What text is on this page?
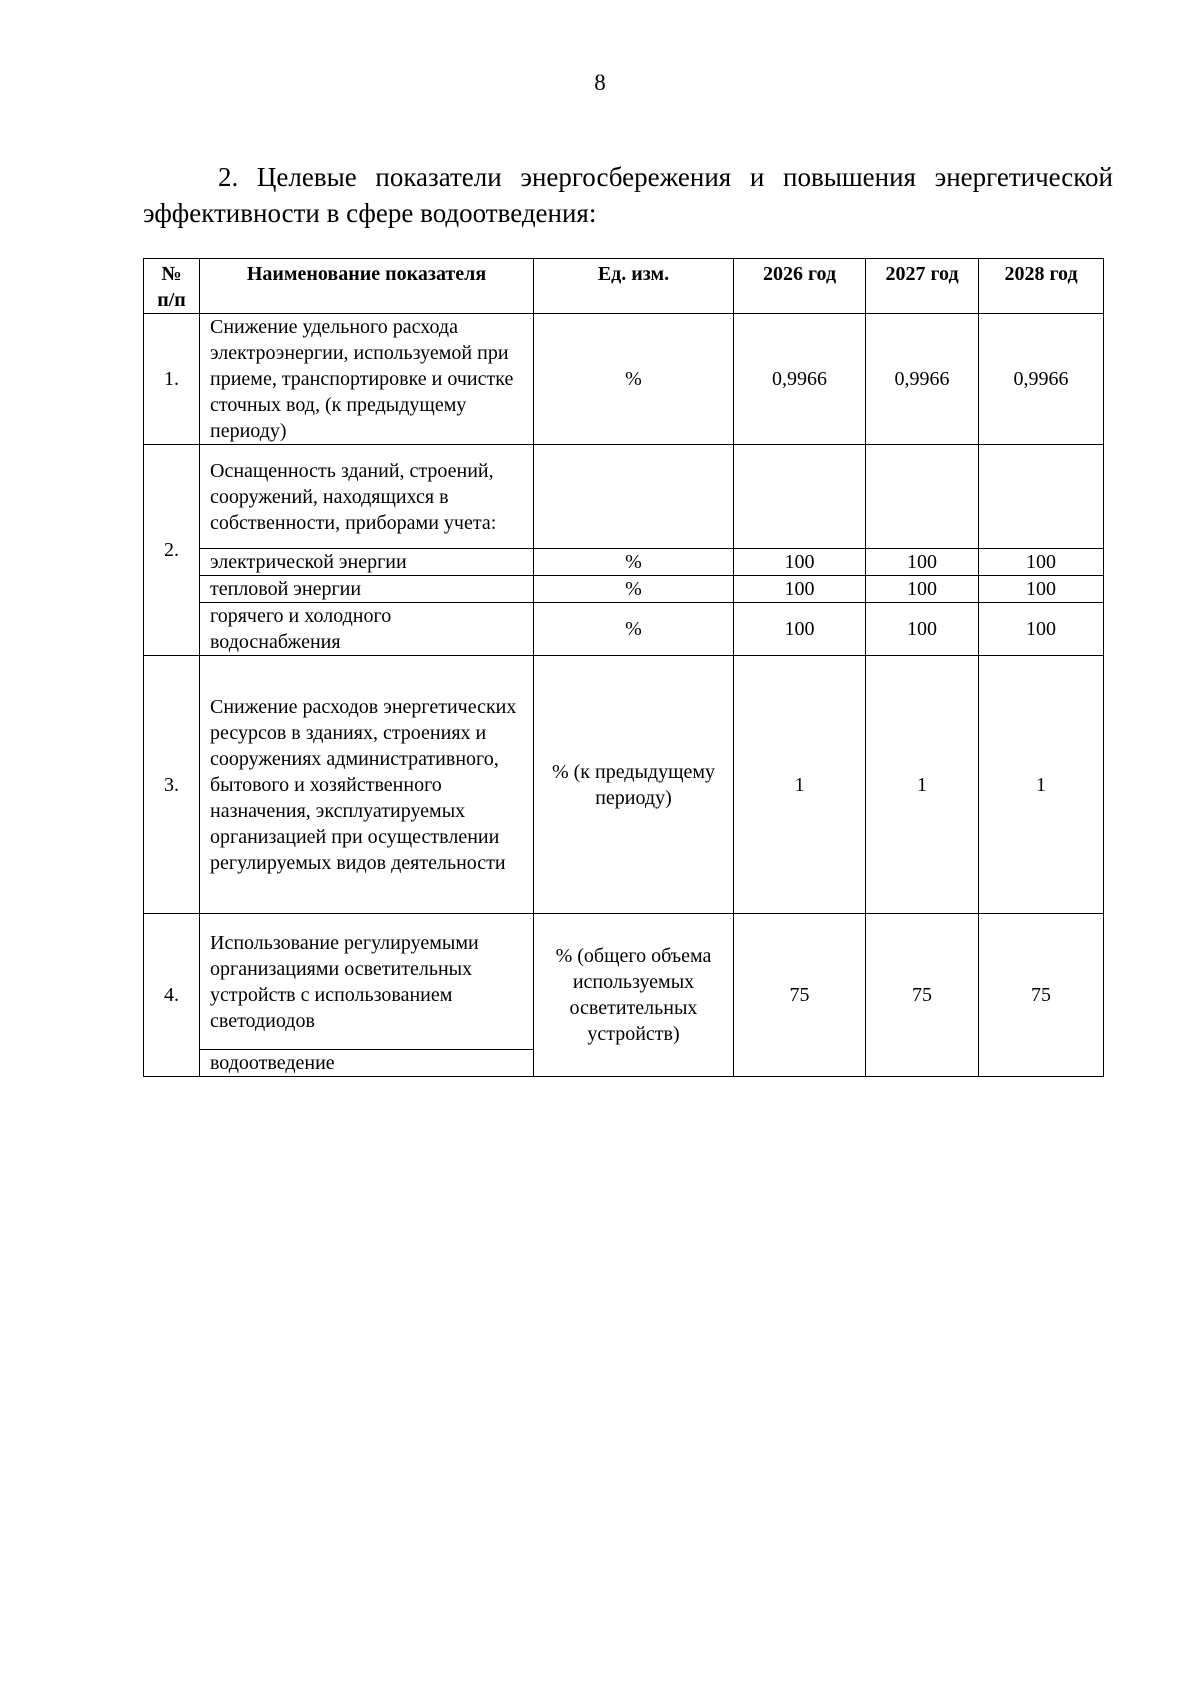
8
2. Целевые показатели энергосбережения и повышения энергетической эффективности в сфере водоотведения:
№ п/п	Наименование показателя	Ед. изм.	2026 год	2027 год	2028 год
1.	Снижение удельного расхода электроэнергии, используемой при приеме, транспортировке и очистке сточных вод, (к предыдущему периоду)	%	0,9966	0,9966	0,9966
2.	Оснащенность зданий, строений, сооружений, находящихся в собственности, приборами учета:				
	электрической энергии	%	100	100	100
	тепловой энергии	%	100	100	100
	горячего и холодного водоснабжения	%	100	100	100
3.	Снижение расходов энергетических ресурсов в зданиях, строениях и сооружениях административного, бытового и хозяйственного назначения, эксплуатируемых организацией при осуществлении регулируемых видов деятельности	% (к предыдущему периоду)	1	1	1
4.	Использование регулируемыми организациями осветительных устройств с использованием светодиодов	% (общего объема используемых осветительных устройств)	75	75	75
	водоотведение				
